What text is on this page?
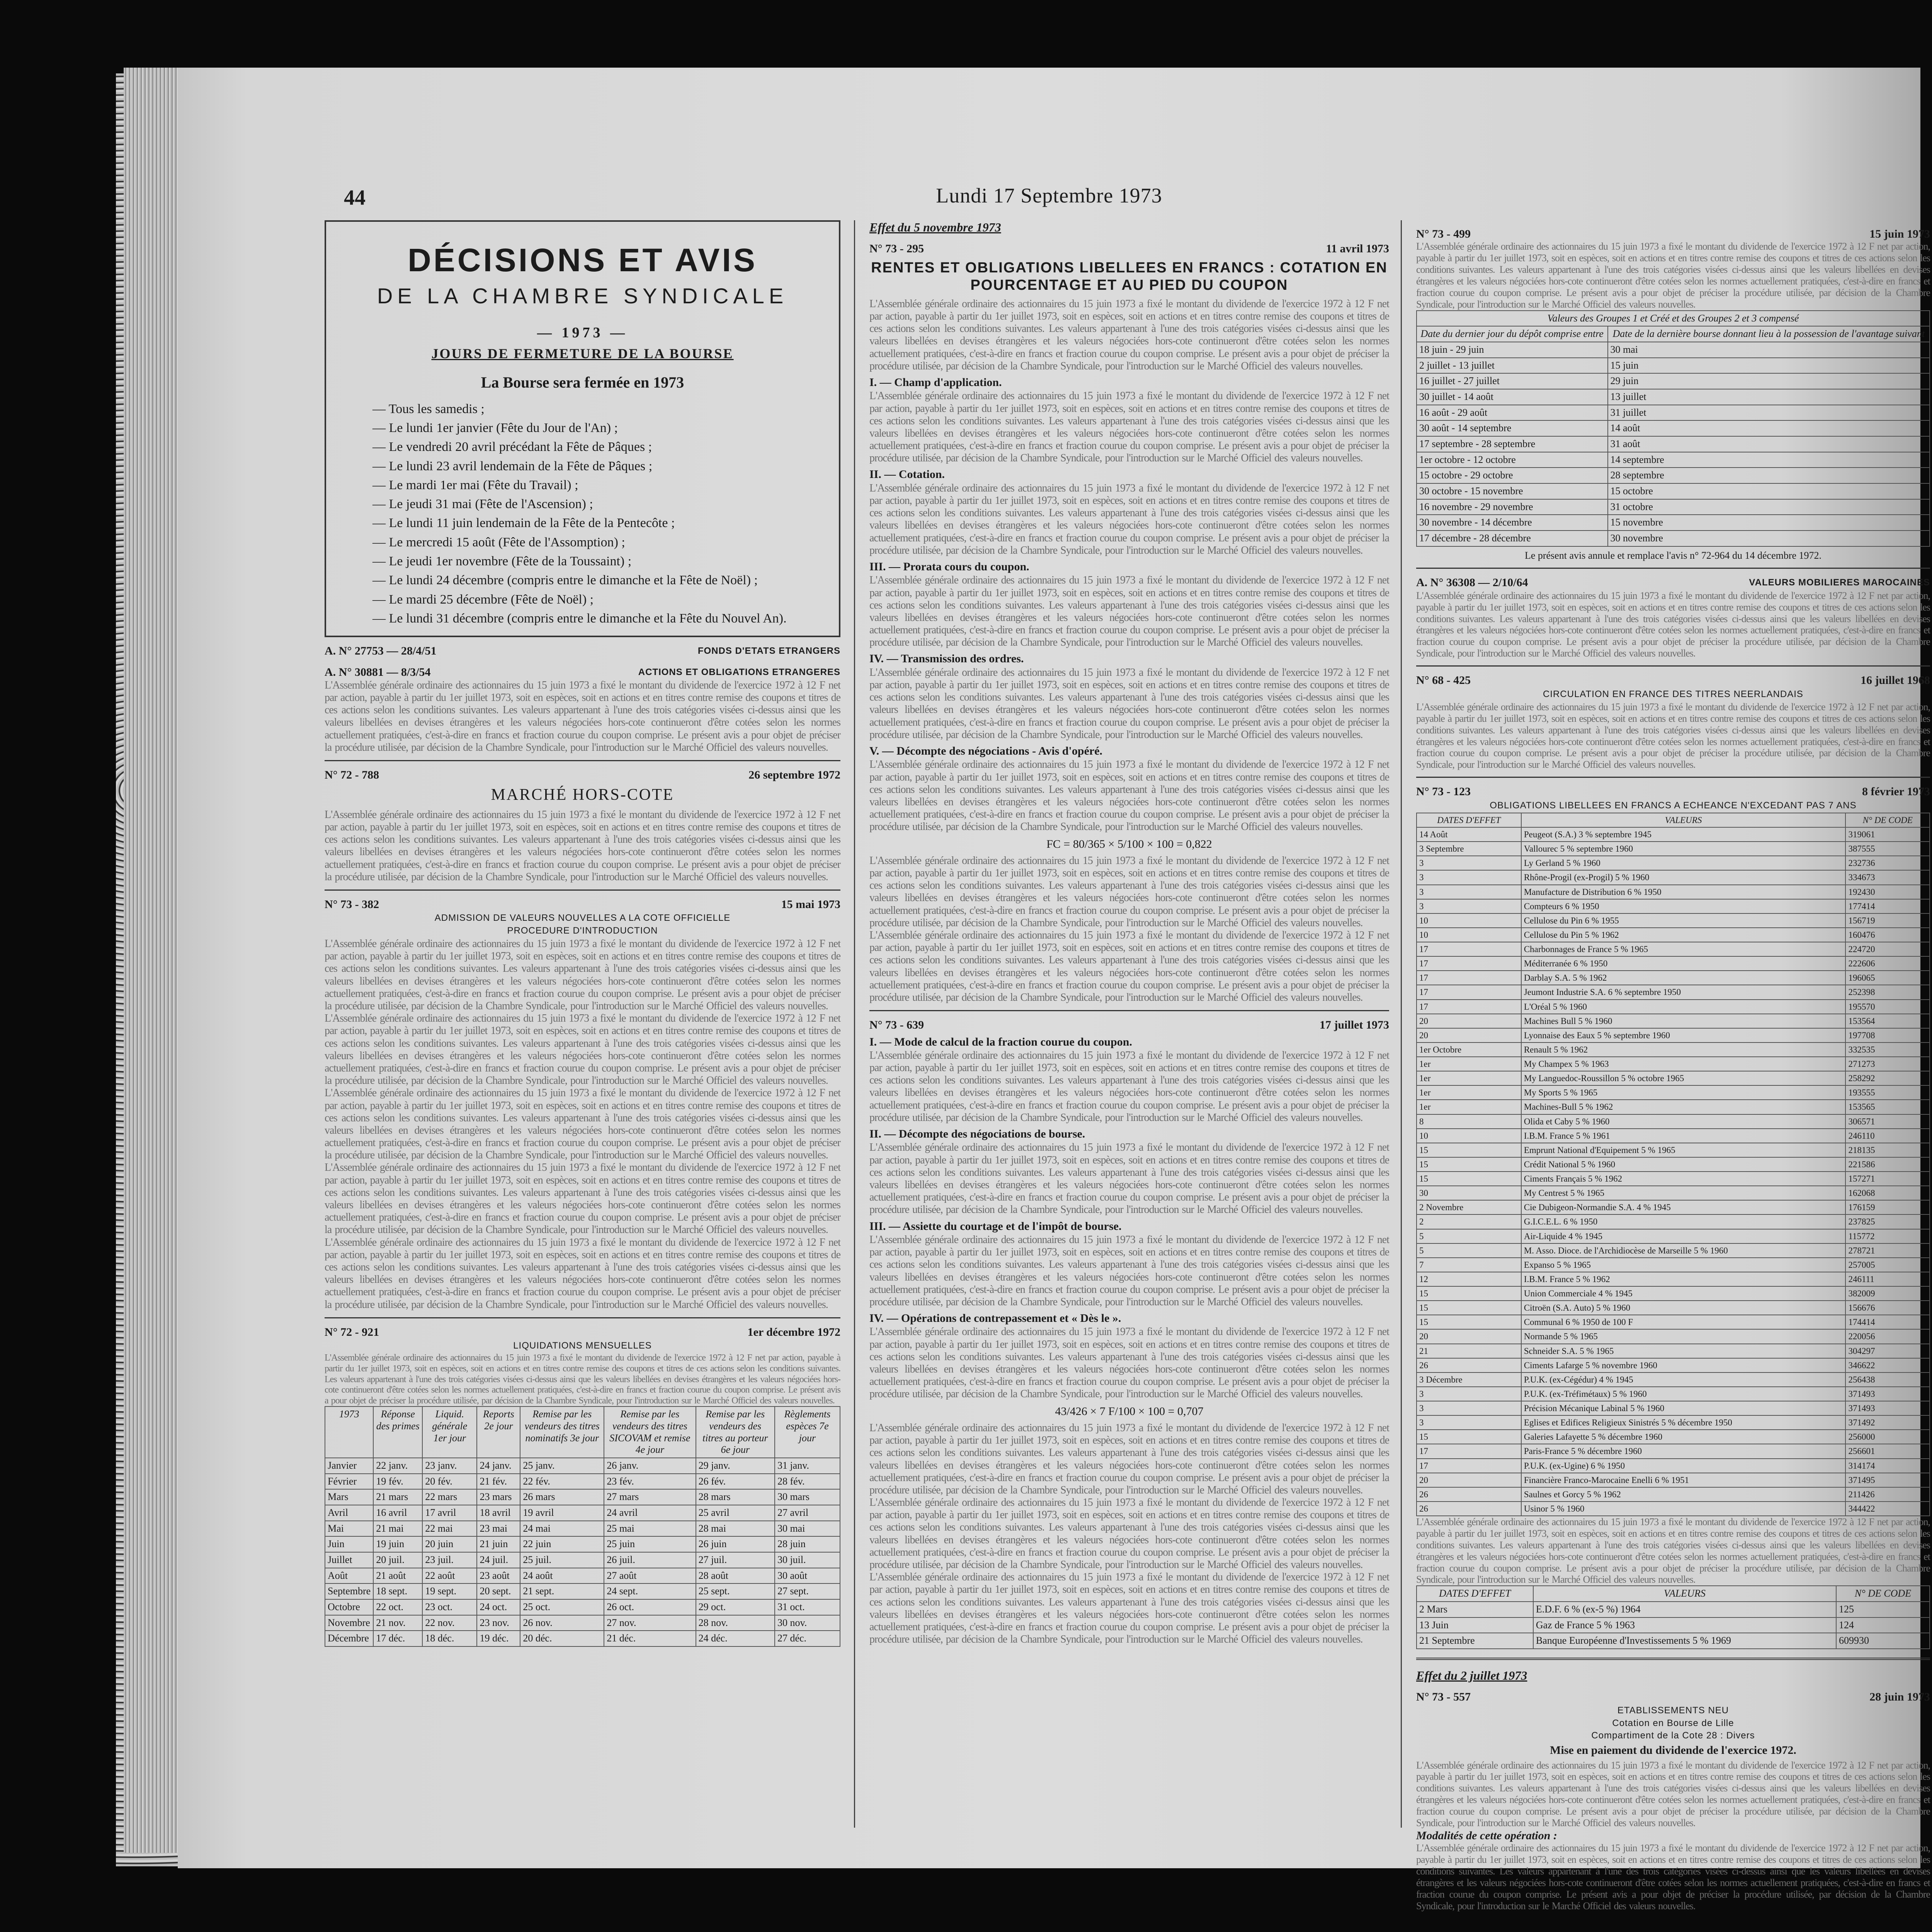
44	Lundi 17 Septembre 1973
DÉCISIONS ET AVIS
DE LA CHAMBRE SYNDICALE
— 1973 —
JOURS DE FERMETURE DE LA BOURSE
La Bourse sera fermée en 1973
— Tous les samedis ;
— Le lundi 1er janvier (Fête du Jour de l'An) ;
— Le vendredi 20 avril précédant la Fête de Pâques ;
— Le lundi 23 avril lendemain de la Fête de Pâques ;
— Le mardi 1er mai (Fête du Travail) ;
— Le jeudi 31 mai (Fête de l'Ascension) ;
— Le lundi 11 juin lendemain de la Fête de la Pentecôte ;
— Le mercredi 15 août (Fête de l'Assomption) ;
— Le jeudi 1er novembre (Fête de la Toussaint) ;
— Le lundi 24 décembre (compris entre le dimanche et la Fête de Noël) ;
— Le mardi 25 décembre (Fête de Noël) ;
— Le lundi 31 décembre (compris entre le dimanche et la Fête du Nouvel An).
A. N° 27753 — 28/4/51	FONDS D'ETATS ETRANGERS
A. N° 30881 — 8/3/54	ACTIONS ET OBLIGATIONS ETRANGERES
L'Assemblée générale ordinaire des actionnaires du 15 juin 1973 a fixé le montant du dividende de l'exercice 1972 à 12 F net par action, payable à partir du 1er juillet 1973, soit en espèces, soit en actions et en titres contre remise des coupons et titres de ces actions selon les conditions suivantes. Les valeurs appartenant à l'une des trois catégories visées ci-dessus ainsi que les valeurs libellées en devises étrangères et les valeurs négociées hors-cote continueront d'être cotées selon les normes actuellement pratiquées, c'est-à-dire en francs et fraction courue du coupon comprise. Le présent avis a pour objet de préciser la procédure utilisée, par décision de la Chambre Syndicale, pour l'introduction sur le Marché Officiel des valeurs nouvelles.
N° 72 - 788	26 septembre 1972
MARCHÉ HORS-COTE
L'Assemblée générale ordinaire des actionnaires du 15 juin 1973 a fixé le montant du dividende de l'exercice 1972 à 12 F net par action, payable à partir du 1er juillet 1973, soit en espèces, soit en actions et en titres contre remise des coupons et titres de ces actions selon les conditions suivantes. Les valeurs appartenant à l'une des trois catégories visées ci-dessus ainsi que les valeurs libellées en devises étrangères et les valeurs négociées hors-cote continueront d'être cotées selon les normes actuellement pratiquées, c'est-à-dire en francs et fraction courue du coupon comprise. Le présent avis a pour objet de préciser la procédure utilisée, par décision de la Chambre Syndicale, pour l'introduction sur le Marché Officiel des valeurs nouvelles.
N° 73 - 382	15 mai 1973
ADMISSION DE VALEURS NOUVELLES A LA COTE OFFICIELLE
PROCEDURE D'INTRODUCTION
L'Assemblée générale ordinaire des actionnaires du 15 juin 1973 a fixé le montant du dividende de l'exercice 1972 à 12 F net par action, payable à partir du 1er juillet 1973, soit en espèces, soit en actions et en titres contre remise des coupons et titres de ces actions selon les conditions suivantes. Les valeurs appartenant à l'une des trois catégories visées ci-dessus ainsi que les valeurs libellées en devises étrangères et les valeurs négociées hors-cote continueront d'être cotées selon les normes actuellement pratiquées, c'est-à-dire en francs et fraction courue du coupon comprise. Le présent avis a pour objet de préciser la procédure utilisée, par décision de la Chambre Syndicale, pour l'introduction sur le Marché Officiel des valeurs nouvelles.
L'Assemblée générale ordinaire des actionnaires du 15 juin 1973 a fixé le montant du dividende de l'exercice 1972 à 12 F net par action, payable à partir du 1er juillet 1973, soit en espèces, soit en actions et en titres contre remise des coupons et titres de ces actions selon les conditions suivantes. Les valeurs appartenant à l'une des trois catégories visées ci-dessus ainsi que les valeurs libellées en devises étrangères et les valeurs négociées hors-cote continueront d'être cotées selon les normes actuellement pratiquées, c'est-à-dire en francs et fraction courue du coupon comprise. Le présent avis a pour objet de préciser la procédure utilisée, par décision de la Chambre Syndicale, pour l'introduction sur le Marché Officiel des valeurs nouvelles.
L'Assemblée générale ordinaire des actionnaires du 15 juin 1973 a fixé le montant du dividende de l'exercice 1972 à 12 F net par action, payable à partir du 1er juillet 1973, soit en espèces, soit en actions et en titres contre remise des coupons et titres de ces actions selon les conditions suivantes. Les valeurs appartenant à l'une des trois catégories visées ci-dessus ainsi que les valeurs libellées en devises étrangères et les valeurs négociées hors-cote continueront d'être cotées selon les normes actuellement pratiquées, c'est-à-dire en francs et fraction courue du coupon comprise. Le présent avis a pour objet de préciser la procédure utilisée, par décision de la Chambre Syndicale, pour l'introduction sur le Marché Officiel des valeurs nouvelles.
L'Assemblée générale ordinaire des actionnaires du 15 juin 1973 a fixé le montant du dividende de l'exercice 1972 à 12 F net par action, payable à partir du 1er juillet 1973, soit en espèces, soit en actions et en titres contre remise des coupons et titres de ces actions selon les conditions suivantes. Les valeurs appartenant à l'une des trois catégories visées ci-dessus ainsi que les valeurs libellées en devises étrangères et les valeurs négociées hors-cote continueront d'être cotées selon les normes actuellement pratiquées, c'est-à-dire en francs et fraction courue du coupon comprise. Le présent avis a pour objet de préciser la procédure utilisée, par décision de la Chambre Syndicale, pour l'introduction sur le Marché Officiel des valeurs nouvelles.
L'Assemblée générale ordinaire des actionnaires du 15 juin 1973 a fixé le montant du dividende de l'exercice 1972 à 12 F net par action, payable à partir du 1er juillet 1973, soit en espèces, soit en actions et en titres contre remise des coupons et titres de ces actions selon les conditions suivantes. Les valeurs appartenant à l'une des trois catégories visées ci-dessus ainsi que les valeurs libellées en devises étrangères et les valeurs négociées hors-cote continueront d'être cotées selon les normes actuellement pratiquées, c'est-à-dire en francs et fraction courue du coupon comprise. Le présent avis a pour objet de préciser la procédure utilisée, par décision de la Chambre Syndicale, pour l'introduction sur le Marché Officiel des valeurs nouvelles.
N° 72 - 921	1er décembre 1972
LIQUIDATIONS MENSUELLES
L'Assemblée générale ordinaire des actionnaires du 15 juin 1973 a fixé le montant du dividende de l'exercice 1972 à 12 F net par action, payable à partir du 1er juillet 1973, soit en espèces, soit en actions et en titres contre remise des coupons et titres de ces actions selon les conditions suivantes. Les valeurs appartenant à l'une des trois catégories visées ci-dessus ainsi que les valeurs libellées en devises étrangères et les valeurs négociées hors-cote continueront d'être cotées selon les normes actuellement pratiquées, c'est-à-dire en francs et fraction courue du coupon comprise. Le présent avis a pour objet de préciser la procédure utilisée, par décision de la Chambre Syndicale, pour l'introduction sur le Marché Officiel des valeurs nouvelles.
1973	Réponse des primes	Liquid. générale 1er jour	Reports 2e jour	Remise par les vendeurs des titres nominatifs 3e jour	Remise par les vendeurs des titres SICOVAM et remise 4e jour	Remise par les vendeurs des titres au porteur 6e jour	Règlements espèces 7e jour
Janvier	22 janv.	23 janv.	24 janv.	25 janv.	26 janv.	29 janv.	31 janv.
Février	19 fév.	20 fév.	21 fév.	22 fév.	23 fév.	26 fév.	28 fév.
Mars	21 mars	22 mars	23 mars	26 mars	27 mars	28 mars	30 mars
Avril	16 avril	17 avril	18 avril	19 avril	24 avril	25 avril	27 avril
Mai	21 mai	22 mai	23 mai	24 mai	25 mai	28 mai	30 mai
Juin	19 juin	20 juin	21 juin	22 juin	25 juin	26 juin	28 juin
Juillet	20 juil.	23 juil.	24 juil.	25 juil.	26 juil.	27 juil.	30 juil.
Août	21 août	22 août	23 août	24 août	27 août	28 août	30 août
Septembre	18 sept.	19 sept.	20 sept.	21 sept.	24 sept.	25 sept.	27 sept.
Octobre	22 oct.	23 oct.	24 oct.	25 oct.	26 oct.	29 oct.	31 oct.
Novembre	21 nov.	22 nov.	23 nov.	26 nov.	27 nov.	28 nov.	30 nov.
Décembre	17 déc.	18 déc.	19 déc.	20 déc.	21 déc.	24 déc.	27 déc.
Effet du 5 novembre 1973
N° 73 - 295	11 avril 1973
RENTES ET OBLIGATIONS LIBELLEES EN FRANCS : COTATION EN POURCENTAGE ET AU PIED DU COUPON
L'Assemblée générale ordinaire des actionnaires du 15 juin 1973 a fixé le montant du dividende de l'exercice 1972 à 12 F net par action, payable à partir du 1er juillet 1973, soit en espèces, soit en actions et en titres contre remise des coupons et titres de ces actions selon les conditions suivantes. Les valeurs appartenant à l'une des trois catégories visées ci-dessus ainsi que les valeurs libellées en devises étrangères et les valeurs négociées hors-cote continueront d'être cotées selon les normes actuellement pratiquées, c'est-à-dire en francs et fraction courue du coupon comprise. Le présent avis a pour objet de préciser la procédure utilisée, par décision de la Chambre Syndicale, pour l'introduction sur le Marché Officiel des valeurs nouvelles.
I. — Champ d'application.
L'Assemblée générale ordinaire des actionnaires du 15 juin 1973 a fixé le montant du dividende de l'exercice 1972 à 12 F net par action, payable à partir du 1er juillet 1973, soit en espèces, soit en actions et en titres contre remise des coupons et titres de ces actions selon les conditions suivantes. Les valeurs appartenant à l'une des trois catégories visées ci-dessus ainsi que les valeurs libellées en devises étrangères et les valeurs négociées hors-cote continueront d'être cotées selon les normes actuellement pratiquées, c'est-à-dire en francs et fraction courue du coupon comprise. Le présent avis a pour objet de préciser la procédure utilisée, par décision de la Chambre Syndicale, pour l'introduction sur le Marché Officiel des valeurs nouvelles.
II. — Cotation.
L'Assemblée générale ordinaire des actionnaires du 15 juin 1973 a fixé le montant du dividende de l'exercice 1972 à 12 F net par action, payable à partir du 1er juillet 1973, soit en espèces, soit en actions et en titres contre remise des coupons et titres de ces actions selon les conditions suivantes. Les valeurs appartenant à l'une des trois catégories visées ci-dessus ainsi que les valeurs libellées en devises étrangères et les valeurs négociées hors-cote continueront d'être cotées selon les normes actuellement pratiquées, c'est-à-dire en francs et fraction courue du coupon comprise. Le présent avis a pour objet de préciser la procédure utilisée, par décision de la Chambre Syndicale, pour l'introduction sur le Marché Officiel des valeurs nouvelles.
III. — Prorata cours du coupon.
L'Assemblée générale ordinaire des actionnaires du 15 juin 1973 a fixé le montant du dividende de l'exercice 1972 à 12 F net par action, payable à partir du 1er juillet 1973, soit en espèces, soit en actions et en titres contre remise des coupons et titres de ces actions selon les conditions suivantes. Les valeurs appartenant à l'une des trois catégories visées ci-dessus ainsi que les valeurs libellées en devises étrangères et les valeurs négociées hors-cote continueront d'être cotées selon les normes actuellement pratiquées, c'est-à-dire en francs et fraction courue du coupon comprise. Le présent avis a pour objet de préciser la procédure utilisée, par décision de la Chambre Syndicale, pour l'introduction sur le Marché Officiel des valeurs nouvelles.
IV. — Transmission des ordres.
L'Assemblée générale ordinaire des actionnaires du 15 juin 1973 a fixé le montant du dividende de l'exercice 1972 à 12 F net par action, payable à partir du 1er juillet 1973, soit en espèces, soit en actions et en titres contre remise des coupons et titres de ces actions selon les conditions suivantes. Les valeurs appartenant à l'une des trois catégories visées ci-dessus ainsi que les valeurs libellées en devises étrangères et les valeurs négociées hors-cote continueront d'être cotées selon les normes actuellement pratiquées, c'est-à-dire en francs et fraction courue du coupon comprise. Le présent avis a pour objet de préciser la procédure utilisée, par décision de la Chambre Syndicale, pour l'introduction sur le Marché Officiel des valeurs nouvelles.
V. — Décompte des négociations - Avis d'opéré.
L'Assemblée générale ordinaire des actionnaires du 15 juin 1973 a fixé le montant du dividende de l'exercice 1972 à 12 F net par action, payable à partir du 1er juillet 1973, soit en espèces, soit en actions et en titres contre remise des coupons et titres de ces actions selon les conditions suivantes. Les valeurs appartenant à l'une des trois catégories visées ci-dessus ainsi que les valeurs libellées en devises étrangères et les valeurs négociées hors-cote continueront d'être cotées selon les normes actuellement pratiquées, c'est-à-dire en francs et fraction courue du coupon comprise. Le présent avis a pour objet de préciser la procédure utilisée, par décision de la Chambre Syndicale, pour l'introduction sur le Marché Officiel des valeurs nouvelles.
FC = 80/365 × 5/100 × 100 = 0,822
L'Assemblée générale ordinaire des actionnaires du 15 juin 1973 a fixé le montant du dividende de l'exercice 1972 à 12 F net par action, payable à partir du 1er juillet 1973, soit en espèces, soit en actions et en titres contre remise des coupons et titres de ces actions selon les conditions suivantes. Les valeurs appartenant à l'une des trois catégories visées ci-dessus ainsi que les valeurs libellées en devises étrangères et les valeurs négociées hors-cote continueront d'être cotées selon les normes actuellement pratiquées, c'est-à-dire en francs et fraction courue du coupon comprise. Le présent avis a pour objet de préciser la procédure utilisée, par décision de la Chambre Syndicale, pour l'introduction sur le Marché Officiel des valeurs nouvelles.
L'Assemblée générale ordinaire des actionnaires du 15 juin 1973 a fixé le montant du dividende de l'exercice 1972 à 12 F net par action, payable à partir du 1er juillet 1973, soit en espèces, soit en actions et en titres contre remise des coupons et titres de ces actions selon les conditions suivantes. Les valeurs appartenant à l'une des trois catégories visées ci-dessus ainsi que les valeurs libellées en devises étrangères et les valeurs négociées hors-cote continueront d'être cotées selon les normes actuellement pratiquées, c'est-à-dire en francs et fraction courue du coupon comprise. Le présent avis a pour objet de préciser la procédure utilisée, par décision de la Chambre Syndicale, pour l'introduction sur le Marché Officiel des valeurs nouvelles.
N° 73 - 639	17 juillet 1973
I. — Mode de calcul de la fraction courue du coupon.
L'Assemblée générale ordinaire des actionnaires du 15 juin 1973 a fixé le montant du dividende de l'exercice 1972 à 12 F net par action, payable à partir du 1er juillet 1973, soit en espèces, soit en actions et en titres contre remise des coupons et titres de ces actions selon les conditions suivantes. Les valeurs appartenant à l'une des trois catégories visées ci-dessus ainsi que les valeurs libellées en devises étrangères et les valeurs négociées hors-cote continueront d'être cotées selon les normes actuellement pratiquées, c'est-à-dire en francs et fraction courue du coupon comprise. Le présent avis a pour objet de préciser la procédure utilisée, par décision de la Chambre Syndicale, pour l'introduction sur le Marché Officiel des valeurs nouvelles.
II. — Décompte des négociations de bourse.
L'Assemblée générale ordinaire des actionnaires du 15 juin 1973 a fixé le montant du dividende de l'exercice 1972 à 12 F net par action, payable à partir du 1er juillet 1973, soit en espèces, soit en actions et en titres contre remise des coupons et titres de ces actions selon les conditions suivantes. Les valeurs appartenant à l'une des trois catégories visées ci-dessus ainsi que les valeurs libellées en devises étrangères et les valeurs négociées hors-cote continueront d'être cotées selon les normes actuellement pratiquées, c'est-à-dire en francs et fraction courue du coupon comprise. Le présent avis a pour objet de préciser la procédure utilisée, par décision de la Chambre Syndicale, pour l'introduction sur le Marché Officiel des valeurs nouvelles.
III. — Assiette du courtage et de l'impôt de bourse.
L'Assemblée générale ordinaire des actionnaires du 15 juin 1973 a fixé le montant du dividende de l'exercice 1972 à 12 F net par action, payable à partir du 1er juillet 1973, soit en espèces, soit en actions et en titres contre remise des coupons et titres de ces actions selon les conditions suivantes. Les valeurs appartenant à l'une des trois catégories visées ci-dessus ainsi que les valeurs libellées en devises étrangères et les valeurs négociées hors-cote continueront d'être cotées selon les normes actuellement pratiquées, c'est-à-dire en francs et fraction courue du coupon comprise. Le présent avis a pour objet de préciser la procédure utilisée, par décision de la Chambre Syndicale, pour l'introduction sur le Marché Officiel des valeurs nouvelles.
IV. — Opérations de contrepassement et « Dès le ».
L'Assemblée générale ordinaire des actionnaires du 15 juin 1973 a fixé le montant du dividende de l'exercice 1972 à 12 F net par action, payable à partir du 1er juillet 1973, soit en espèces, soit en actions et en titres contre remise des coupons et titres de ces actions selon les conditions suivantes. Les valeurs appartenant à l'une des trois catégories visées ci-dessus ainsi que les valeurs libellées en devises étrangères et les valeurs négociées hors-cote continueront d'être cotées selon les normes actuellement pratiquées, c'est-à-dire en francs et fraction courue du coupon comprise. Le présent avis a pour objet de préciser la procédure utilisée, par décision de la Chambre Syndicale, pour l'introduction sur le Marché Officiel des valeurs nouvelles.
43/426 × 7 F/100 × 100 = 0,707
L'Assemblée générale ordinaire des actionnaires du 15 juin 1973 a fixé le montant du dividende de l'exercice 1972 à 12 F net par action, payable à partir du 1er juillet 1973, soit en espèces, soit en actions et en titres contre remise des coupons et titres de ces actions selon les conditions suivantes. Les valeurs appartenant à l'une des trois catégories visées ci-dessus ainsi que les valeurs libellées en devises étrangères et les valeurs négociées hors-cote continueront d'être cotées selon les normes actuellement pratiquées, c'est-à-dire en francs et fraction courue du coupon comprise. Le présent avis a pour objet de préciser la procédure utilisée, par décision de la Chambre Syndicale, pour l'introduction sur le Marché Officiel des valeurs nouvelles.
L'Assemblée générale ordinaire des actionnaires du 15 juin 1973 a fixé le montant du dividende de l'exercice 1972 à 12 F net par action, payable à partir du 1er juillet 1973, soit en espèces, soit en actions et en titres contre remise des coupons et titres de ces actions selon les conditions suivantes. Les valeurs appartenant à l'une des trois catégories visées ci-dessus ainsi que les valeurs libellées en devises étrangères et les valeurs négociées hors-cote continueront d'être cotées selon les normes actuellement pratiquées, c'est-à-dire en francs et fraction courue du coupon comprise. Le présent avis a pour objet de préciser la procédure utilisée, par décision de la Chambre Syndicale, pour l'introduction sur le Marché Officiel des valeurs nouvelles.
L'Assemblée générale ordinaire des actionnaires du 15 juin 1973 a fixé le montant du dividende de l'exercice 1972 à 12 F net par action, payable à partir du 1er juillet 1973, soit en espèces, soit en actions et en titres contre remise des coupons et titres de ces actions selon les conditions suivantes. Les valeurs appartenant à l'une des trois catégories visées ci-dessus ainsi que les valeurs libellées en devises étrangères et les valeurs négociées hors-cote continueront d'être cotées selon les normes actuellement pratiquées, c'est-à-dire en francs et fraction courue du coupon comprise. Le présent avis a pour objet de préciser la procédure utilisée, par décision de la Chambre Syndicale, pour l'introduction sur le Marché Officiel des valeurs nouvelles.
N° 73 - 499	15 juin 1973
L'Assemblée générale ordinaire des actionnaires du 15 juin 1973 a fixé le montant du dividende de l'exercice 1972 à 12 F net par action, payable à partir du 1er juillet 1973, soit en espèces, soit en actions et en titres contre remise des coupons et titres de ces actions selon les conditions suivantes. Les valeurs appartenant à l'une des trois catégories visées ci-dessus ainsi que les valeurs libellées en devises étrangères et les valeurs négociées hors-cote continueront d'être cotées selon les normes actuellement pratiquées, c'est-à-dire en francs et fraction courue du coupon comprise. Le présent avis a pour objet de préciser la procédure utilisée, par décision de la Chambre Syndicale, pour l'introduction sur le Marché Officiel des valeurs nouvelles.
Valeurs des Groupes 1 et Créé et des Groupes 2 et 3 compensé	
Date du dernier jour du dépôt comprise entre	Date de la dernière bourse donnant lieu à la possession de l'avantage suivant
18 juin - 29 juin	30 mai
2 juillet - 13 juillet	15 juin
16 juillet - 27 juillet	29 juin
30 juillet - 14 août	13 juillet
16 août - 29 août	31 juillet
30 août - 14 septembre	14 août
17 septembre - 28 septembre	31 août
1er octobre - 12 octobre	14 septembre
15 octobre - 29 octobre	28 septembre
30 octobre - 15 novembre	15 octobre
16 novembre - 29 novembre	31 octobre
30 novembre - 14 décembre	15 novembre
17 décembre - 28 décembre	30 novembre
Le présent avis annule et remplace l'avis n° 72-964 du 14 décembre 1972.
A. N° 36308 — 2/10/64	VALEURS MOBILIERES MAROCAINES
L'Assemblée générale ordinaire des actionnaires du 15 juin 1973 a fixé le montant du dividende de l'exercice 1972 à 12 F net par action, payable à partir du 1er juillet 1973, soit en espèces, soit en actions et en titres contre remise des coupons et titres de ces actions selon les conditions suivantes. Les valeurs appartenant à l'une des trois catégories visées ci-dessus ainsi que les valeurs libellées en devises étrangères et les valeurs négociées hors-cote continueront d'être cotées selon les normes actuellement pratiquées, c'est-à-dire en francs et fraction courue du coupon comprise. Le présent avis a pour objet de préciser la procédure utilisée, par décision de la Chambre Syndicale, pour l'introduction sur le Marché Officiel des valeurs nouvelles.
N° 68 - 425	16 juillet 1968
CIRCULATION EN FRANCE DES TITRES NEERLANDAIS
L'Assemblée générale ordinaire des actionnaires du 15 juin 1973 a fixé le montant du dividende de l'exercice 1972 à 12 F net par action, payable à partir du 1er juillet 1973, soit en espèces, soit en actions et en titres contre remise des coupons et titres de ces actions selon les conditions suivantes. Les valeurs appartenant à l'une des trois catégories visées ci-dessus ainsi que les valeurs libellées en devises étrangères et les valeurs négociées hors-cote continueront d'être cotées selon les normes actuellement pratiquées, c'est-à-dire en francs et fraction courue du coupon comprise. Le présent avis a pour objet de préciser la procédure utilisée, par décision de la Chambre Syndicale, pour l'introduction sur le Marché Officiel des valeurs nouvelles.
N° 73 - 123	8 février 1973
OBLIGATIONS LIBELLEES EN FRANCS A ECHEANCE N'EXCEDANT PAS 7 ANS
DATES D'EFFET	VALEURS	N° DE CODE
14 Août	Peugeot (S.A.) 3 % septembre 1945	319061
3 Septembre	Vallourec 5 % septembre 1960	387555
3	Ly Gerland 5 % 1960	232736
3	Rhône-Progil (ex-Progil) 5 % 1960	334673
3	Manufacture de Distribution 6 % 1950	192430
3	Compteurs 6 % 1950	177414
10	Cellulose du Pin 6 % 1955	156719
10	Cellulose du Pin 5 % 1962	160476
17	Charbonnages de France 5 % 1965	224720
17	Méditerranée 6 % 1950	222606
17	Darblay S.A. 5 % 1962	196065
17	Jeumont Industrie S.A. 6 % septembre 1950	252398
17	L'Oréal 5 % 1960	195570
20	Machines Bull 5 % 1960	153564
20	Lyonnaise des Eaux 5 % septembre 1960	197708
1er Octobre	Renault 5 % 1962	332535
1er	My Champex 5 % 1963	271273
1er	My Languedoc-Roussillon 5 % octobre 1965	258292
1er	My Sports 5 % 1965	193555
1er	Machines-Bull 5 % 1962	153565
8	Olida et Caby 5 % 1960	306571
10	I.B.M. France 5 % 1961	246110
15	Emprunt National d'Equipement 5 % 1965	218135
15	Crédit National 5 % 1960	221586
15	Ciments Français 5 % 1962	157271
30	My Centrest 5 % 1965	162068
2 Novembre	Cie Dubigeon-Normandie S.A. 4 % 1945	176159
2	G.I.C.E.L. 6 % 1950	237825
5	Air-Liquide 4 % 1945	115772
5	M. Asso. Dioce. de l'Archidiocèse de Marseille 5 % 1960	278721
7	Expanso 5 % 1965	257005
12	I.B.M. France 5 % 1962	246111
15	Union Commerciale 4 % 1945	382009
15	Citroën (S.A. Auto) 5 % 1960	156676
15	Communal 6 % 1950 de 100 F	174414
20	Normande 5 % 1965	220056
21	Schneider S.A. 5 % 1965	304297
26	Ciments Lafarge 5 % novembre 1960	346622
3 Décembre	P.U.K. (ex-Cégédur) 4 % 1945	256438
3	P.U.K. (ex-Tréfimétaux) 5 % 1960	371493
3	Précision Mécanique Labinal 5 % 1960	371493
3	Eglises et Edifices Religieux Sinistrés 5 % décembre 1950	371492
15	Galeries Lafayette 5 % décembre 1960	256000
17	Paris-France 5 % décembre 1960	256601
17	P.U.K. (ex-Ugine) 6 % 1950	314174
20	Financière Franco-Marocaine Enelli 6 % 1951	371495
26	Saulnes et Gorcy 5 % 1962	211426
26	Usinor 5 % 1960	344422
L'Assemblée générale ordinaire des actionnaires du 15 juin 1973 a fixé le montant du dividende de l'exercice 1972 à 12 F net par action, payable à partir du 1er juillet 1973, soit en espèces, soit en actions et en titres contre remise des coupons et titres de ces actions selon les conditions suivantes. Les valeurs appartenant à l'une des trois catégories visées ci-dessus ainsi que les valeurs libellées en devises étrangères et les valeurs négociées hors-cote continueront d'être cotées selon les normes actuellement pratiquées, c'est-à-dire en francs et fraction courue du coupon comprise. Le présent avis a pour objet de préciser la procédure utilisée, par décision de la Chambre Syndicale, pour l'introduction sur le Marché Officiel des valeurs nouvelles.
DATES D'EFFET	VALEURS	N° DE CODE
2 Mars	E.D.F. 6 % (ex-5 %) 1964	125
13 Juin	Gaz de France 5 % 1963	124
21 Septembre	Banque Européenne d'Investissements 5 % 1969	609930
Effet du 2 juillet 1973
N° 73 - 557	28 juin 1973
ETABLISSEMENTS NEU
Cotation en Bourse de Lille
Compartiment de la Cote 28 : Divers
Mise en paiement du dividende de l'exercice 1972.
L'Assemblée générale ordinaire des actionnaires du 15 juin 1973 a fixé le montant du dividende de l'exercice 1972 à 12 F net par action, payable à partir du 1er juillet 1973, soit en espèces, soit en actions et en titres contre remise des coupons et titres de ces actions selon les conditions suivantes. Les valeurs appartenant à l'une des trois catégories visées ci-dessus ainsi que les valeurs libellées en devises étrangères et les valeurs négociées hors-cote continueront d'être cotées selon les normes actuellement pratiquées, c'est-à-dire en francs et fraction courue du coupon comprise. Le présent avis a pour objet de préciser la procédure utilisée, par décision de la Chambre Syndicale, pour l'introduction sur le Marché Officiel des valeurs nouvelles.
Modalités de cette opération :
L'Assemblée générale ordinaire des actionnaires du 15 juin 1973 a fixé le montant du dividende de l'exercice 1972 à 12 F net par action, payable à partir du 1er juillet 1973, soit en espèces, soit en actions et en titres contre remise des coupons et titres de ces actions selon les conditions suivantes. Les valeurs appartenant à l'une des trois catégories visées ci-dessus ainsi que les valeurs libellées en devises étrangères et les valeurs négociées hors-cote continueront d'être cotées selon les normes actuellement pratiquées, c'est-à-dire en francs et fraction courue du coupon comprise. Le présent avis a pour objet de préciser la procédure utilisée, par décision de la Chambre Syndicale, pour l'introduction sur le Marché Officiel des valeurs nouvelles.
